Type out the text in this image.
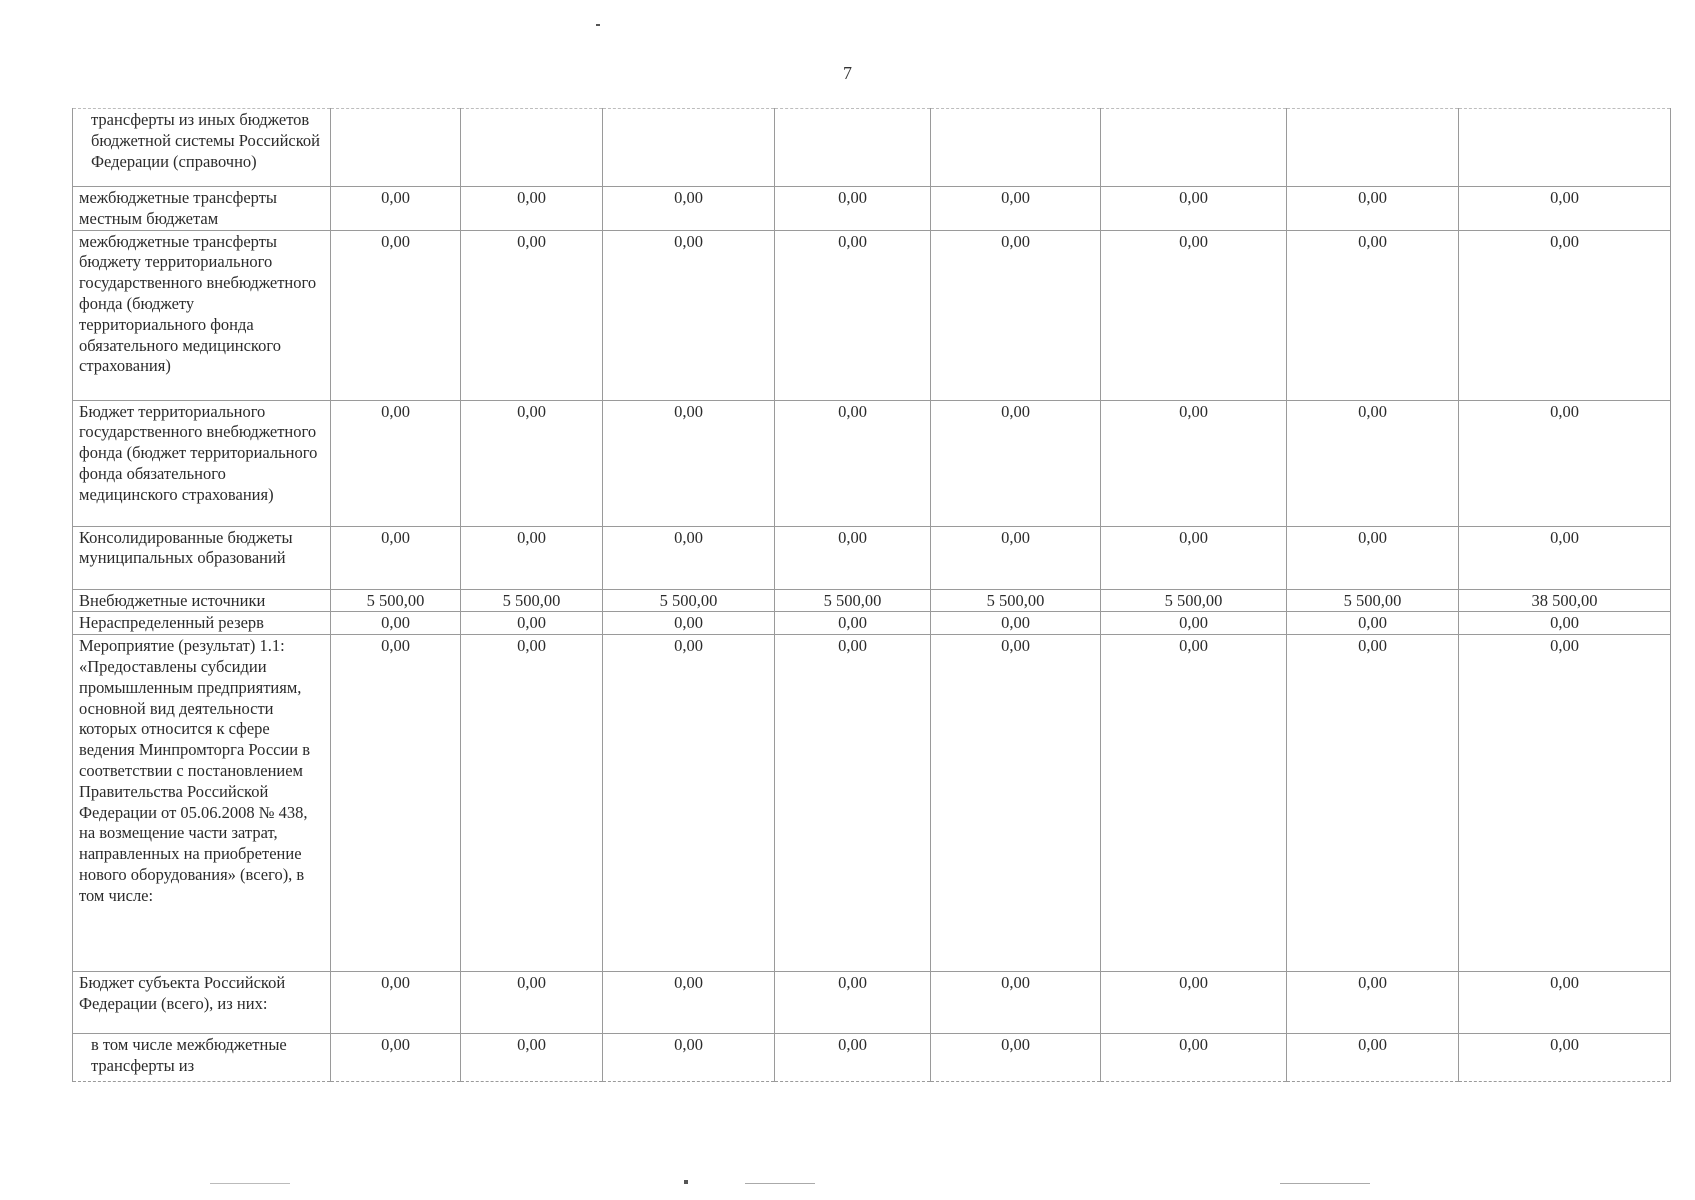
7
трансферты из иных бюджетов бюджетной системы Российской Федерации (справочно)								
межбюджетные трансферты местным бюджетам	0,00	0,00	0,00	0,00	0,00	0,00	0,00	0,00
межбюджетные трансферты бюджету территориального государственного внебюджетного фонда (бюджету территориального фонда обязательного медицинского страхования)	0,00	0,00	0,00	0,00	0,00	0,00	0,00	0,00
Бюджет территориального государственного внебюджетного фонда (бюджет территориального фонда обязательного медицинского страхования)	0,00	0,00	0,00	0,00	0,00	0,00	0,00	0,00
Консолидированные бюджеты муниципальных образований	0,00	0,00	0,00	0,00	0,00	0,00	0,00	0,00
Внебюджетные источники	5 500,00	5 500,00	5 500,00	5 500,00	5 500,00	5 500,00	5 500,00	38 500,00
Нераспределенный резерв	0,00	0,00	0,00	0,00	0,00	0,00	0,00	0,00
Мероприятие (результат) 1.1: «Предоставлены субсидии промышленным предприятиям, основной вид деятельности которых относится к сфере ведения Минпромторга России в соответствии с постановлением Правительства Российской Федерации от 05.06.2008 № 438, на возмещение части затрат, направленных на приобретение нового оборудования» (всего), в том числе:	0,00	0,00	0,00	0,00	0,00	0,00	0,00	0,00
Бюджет субъекта Российской Федерации (всего), из них:	0,00	0,00	0,00	0,00	0,00	0,00	0,00	0,00
в том числе межбюджетные трансферты из	0,00	0,00	0,00	0,00	0,00	0,00	0,00	0,00
